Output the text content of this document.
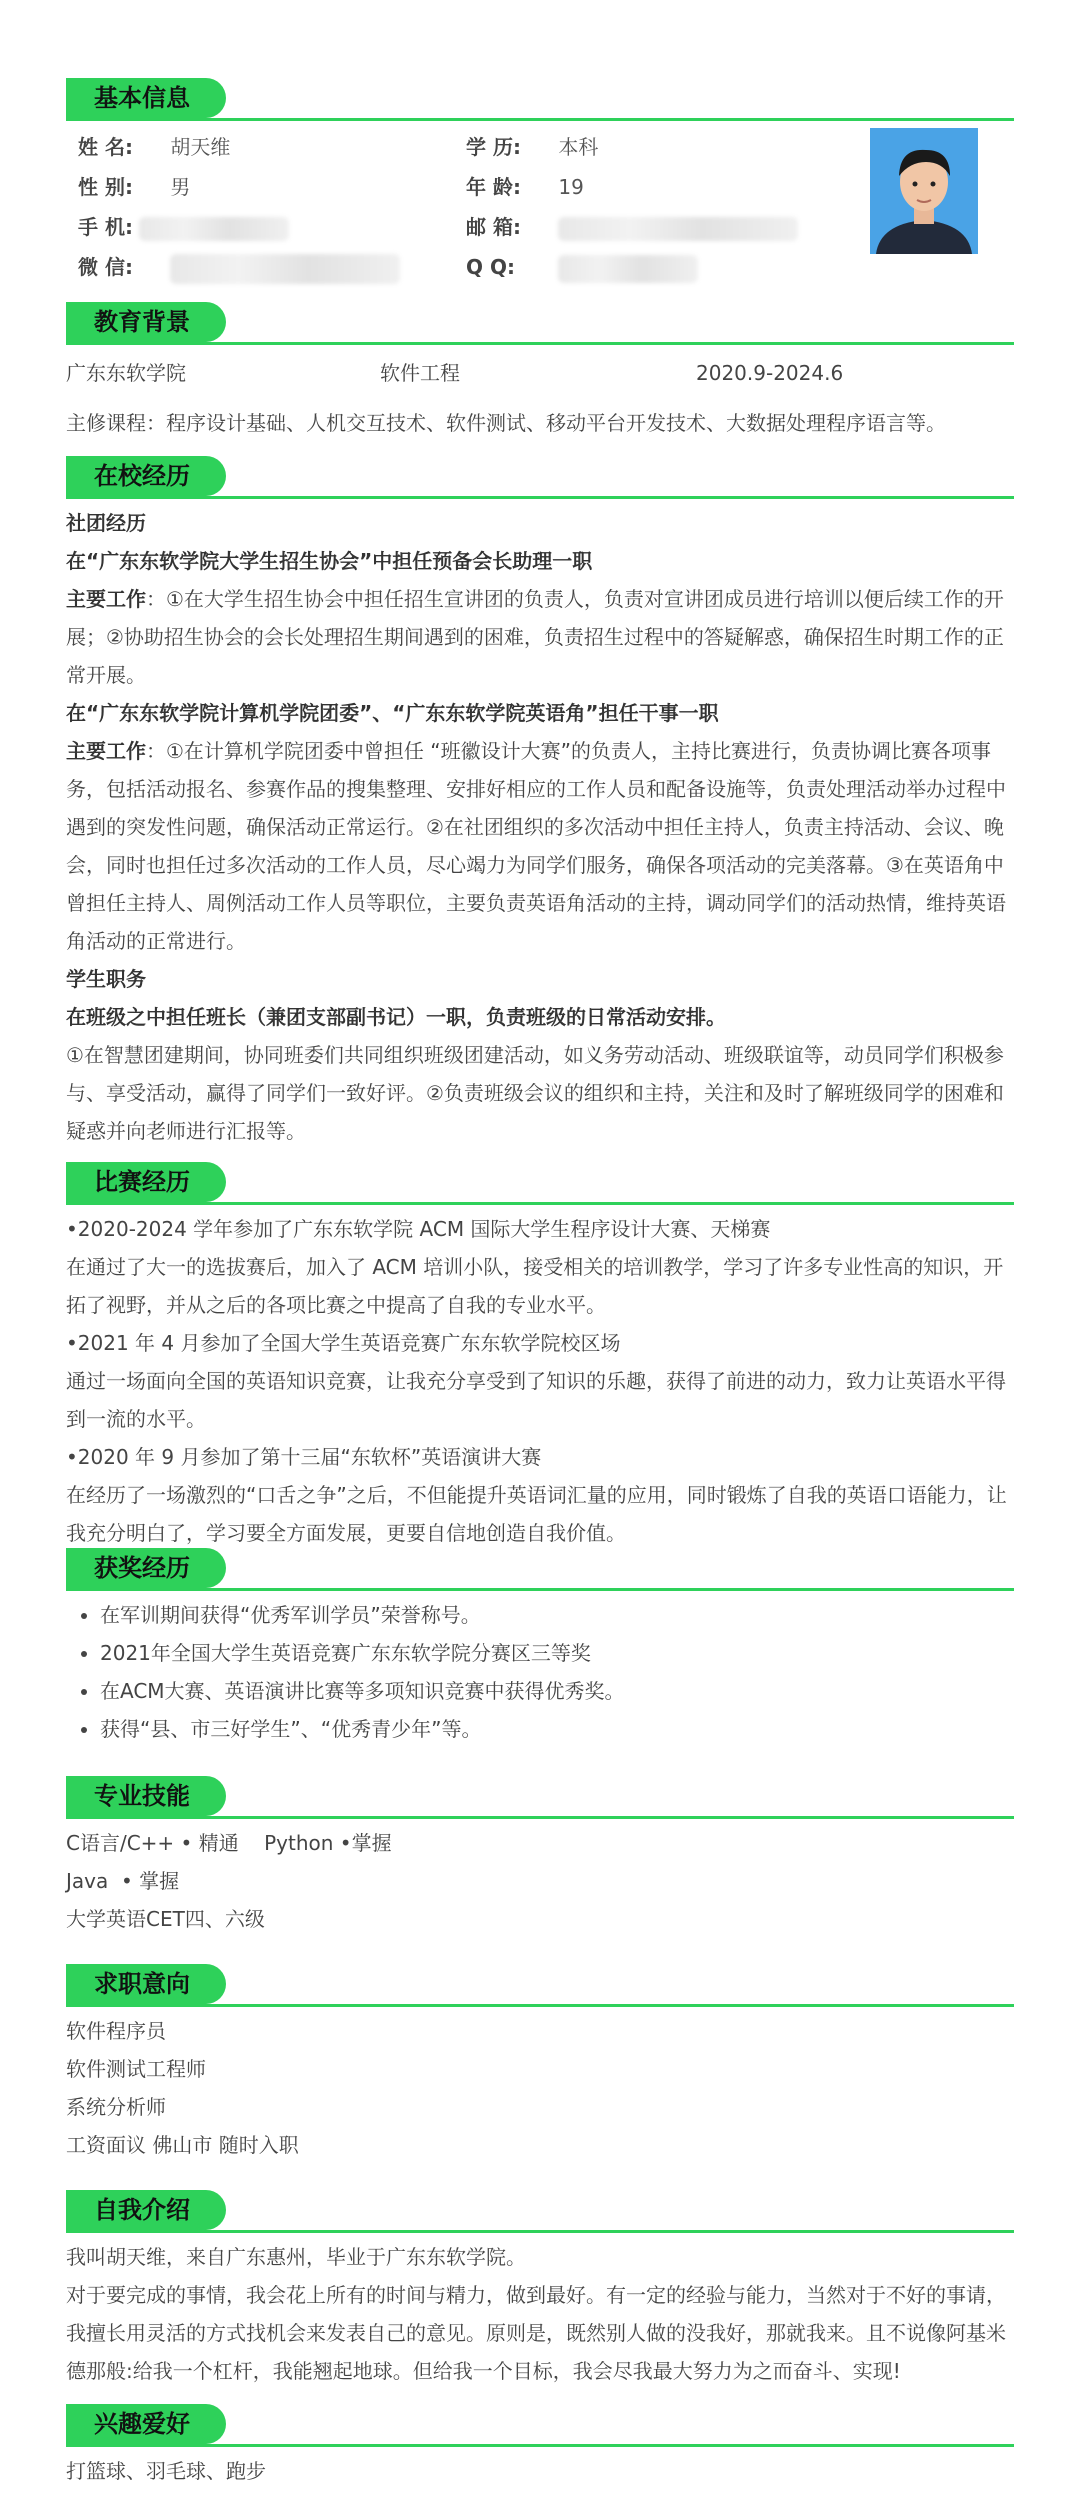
基本信息
姓 名: 胡天维	学 历: 本科
性 别: 男	年 龄: 19
手 机:	邮 箱:
微 信:	Q Q:
教育背景
广东东软学院	软件工程	2020.9-2024.6
主修课程：程序设计基础、人机交互技术、软件测试、移动平台开发技术、大数据处理程序语言等。
在校经历
社团经历
在“广东东软学院大学生招生协会”中担任预备会长助理一职
主要工作：①在大学生招生协会中担任招生宣讲团的负责人，负责对宣讲团成员进行培训以便后续工作的开展；②协助招生协会的会长处理招生期间遇到的困难，负责招生过程中的答疑解惑，确保招生时期工作的正常开展。
在“广东东软学院计算机学院团委”、“广东东软学院英语角”担任干事一职
主要工作：①在计算机学院团委中曾担任 “班徽设计大赛”的负责人，主持比赛进行，负责协调比赛各项事务，包括活动报名、参赛作品的搜集整理、安排好相应的工作人员和配备设施等，负责处理活动举办过程中遇到的突发性问题，确保活动正常运行。②在社团组织的多次活动中担任主持人，负责主持活动、会议、晚会，同时也担任过多次活动的工作人员，尽心竭力为同学们服务，确保各项活动的完美落幕。③在英语角中曾担任主持人、周例活动工作人员等职位，主要负责英语角活动的主持，调动同学们的活动热情，维持英语角活动的正常进行。
学生职务
在班级之中担任班长（兼团支部副书记）一职，负责班级的日常活动安排。
①在智慧团建期间，协同班委们共同组织班级团建活动，如义务劳动活动、班级联谊等，动员同学们积极参与、享受活动，赢得了同学们一致好评。②负责班级会议的组织和主持，关注和及时了解班级同学的困难和疑惑并向老师进行汇报等。
比赛经历
•2020-2024 学年参加了广东东软学院 ACM 国际大学生程序设计大赛、天梯赛
在通过了大一的选拔赛后，加入了 ACM 培训小队，接受相关的培训教学，学习了许多专业性高的知识，开拓了视野，并从之后的各项比赛之中提高了自我的专业水平。
•2021 年 4 月参加了全国大学生英语竞赛广东东软学院校区场
通过一场面向全国的英语知识竞赛，让我充分享受到了知识的乐趣，获得了前进的动力，致力让英语水平得到一流的水平。
•2020 年 9 月参加了第十三届“东软杯”英语演讲大赛
在经历了一场激烈的“口舌之争”之后，不但能提升英语词汇量的应用，同时锻炼了自我的英语口语能力，让我充分明白了，学习要全方面发展，更要自信地创造自我价值。
获奖经历
• 在军训期间获得“优秀军训学员”荣誉称号。
• 2021年全国大学生英语竞赛广东东软学院分赛区三等奖
• 在ACM大赛、英语演讲比赛等多项知识竞赛中获得优秀奖。
• 获得“县、市三好学生”、“优秀青少年”等。
专业技能
C语言/C++ • 精通    Python •掌握
Java  • 掌握
大学英语CET四、六级
求职意向
软件程序员
软件测试工程师
系统分析师
工资面议 佛山市 随时入职
自我介绍
我叫胡天维，来自广东惠州，毕业于广东东软学院。
对于要完成的事情，我会花上所有的时间与精力，做到最好。有一定的经验与能力，当然对于不好的事请，我擅长用灵活的方式找机会来发表自己的意见。原则是，既然别人做的没我好，那就我来。且不说像阿基米德那般:给我一个杠杆，我能翘起地球。但给我一个目标，我会尽我最大努力为之而奋斗、实现!
兴趣爱好
打篮球、羽毛球、跑步
